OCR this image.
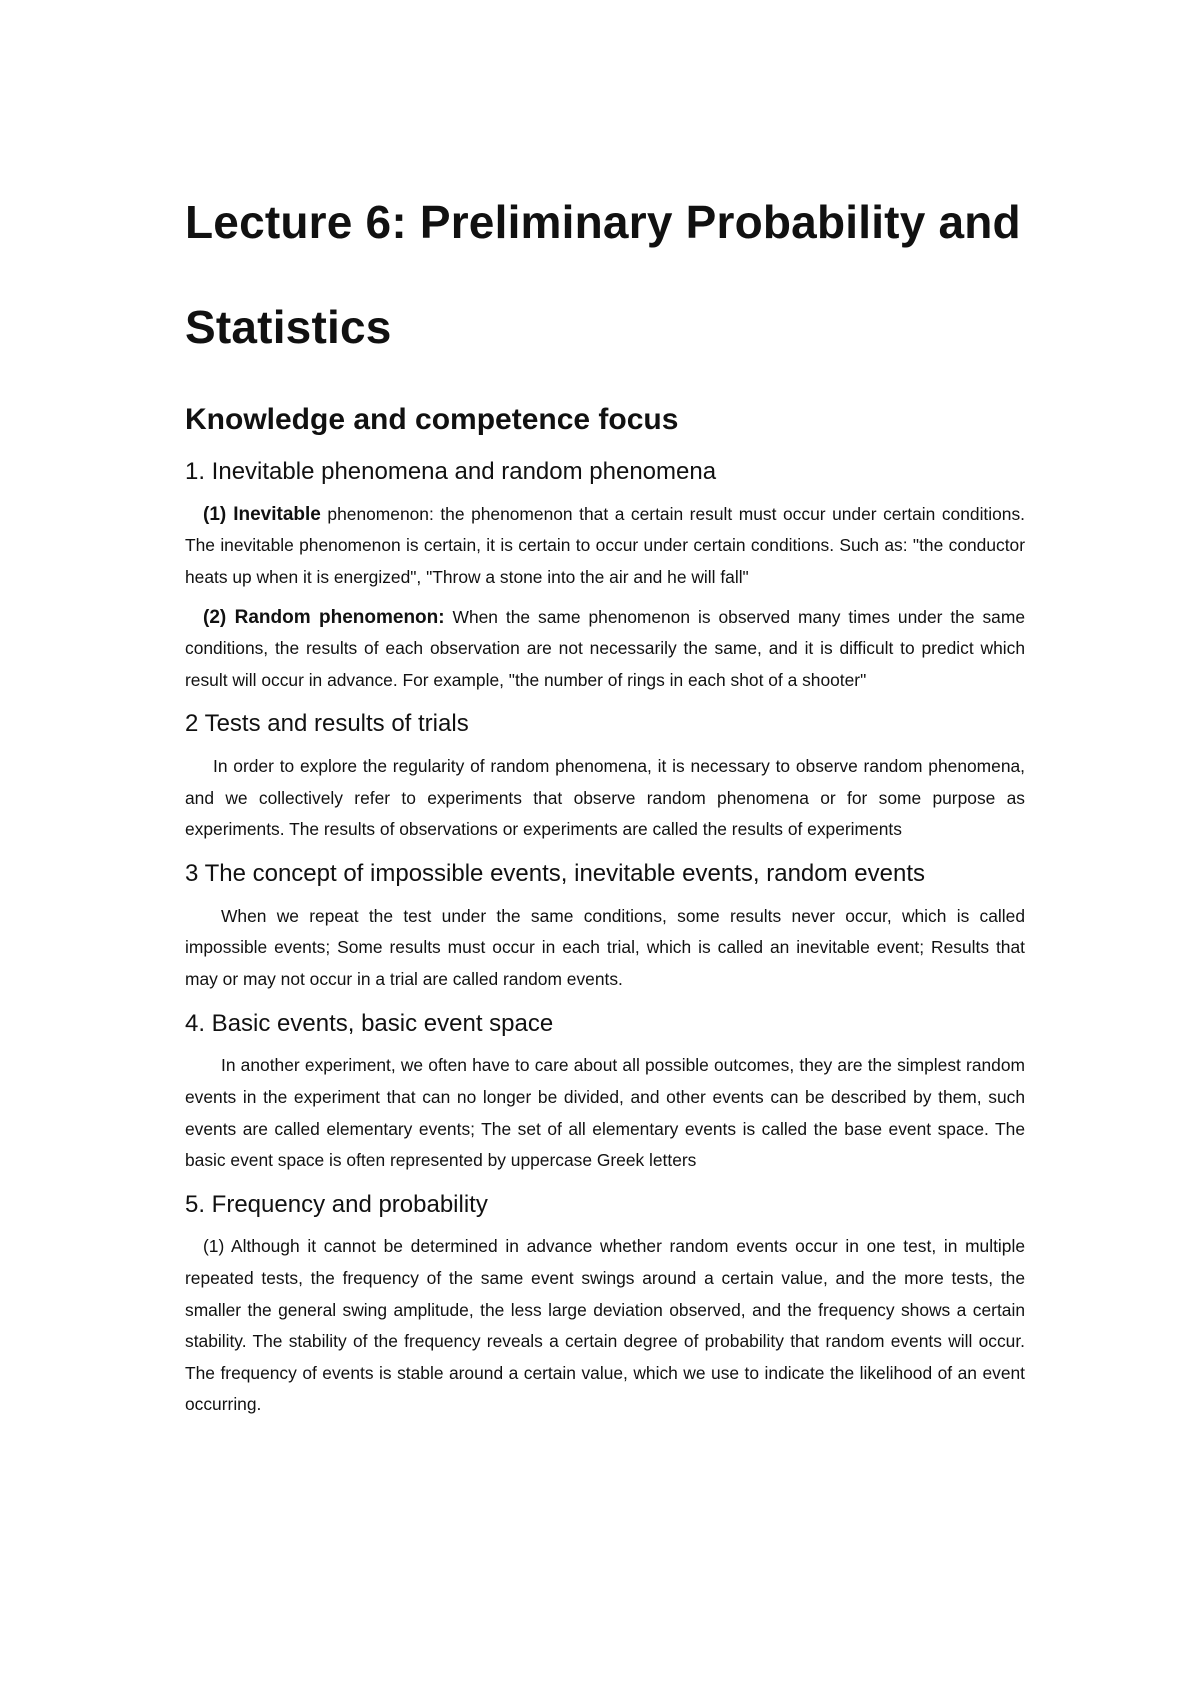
Lecture 6: Preliminary Probability and
Statistics
Knowledge and competence focus
1. Inevitable phenomena and random phenomena

(1) Inevitable phenomenon: the phenomenon that a certain result must occur under certain conditions. The inevitable phenomenon is certain, it is certain to occur under certain conditions. Such as: "the conductor heats up when it is energized", "Throw a stone into the air and he will fall"

(2) Random phenomenon: When the same phenomenon is observed many times under the same conditions, the results of each observation are not necessarily the same, and it is difficult to predict which result will occur in advance. For example, "the number of rings in each shot of a shooter"

2 Tests and results of trials

In order to explore the regularity of random phenomena, it is necessary to observe random phenomena, and we collectively refer to experiments that observe random phenomena or for some purpose as experiments. The results of observations or experiments are called the results of experiments

3 The concept of impossible events, inevitable events, random events

When we repeat the test under the same conditions, some results never occur, which is called impossible events; Some results must occur in each trial, which is called an inevitable event; Results that may or may not occur in a trial are called random events.

4. Basic events, basic event space

In another experiment, we often have to care about all possible outcomes, they are the simplest random events in the experiment that can no longer be divided, and other events can be described by them, such events are called elementary events; The set of all elementary events is called the base event space. The basic event space is often represented by uppercase Greek letters

5. Frequency and probability

(1) Although it cannot be determined in advance whether random events occur in one test, in multiple repeated tests, the frequency of the same event swings around a certain value, and the more tests, the smaller the general swing amplitude, the less large deviation observed, and the frequency shows a certain stability. The stability of the frequency reveals a certain degree of probability that random events will occur. The frequency of events is stable around a certain value, which we use to indicate the likelihood of an event occurring.
